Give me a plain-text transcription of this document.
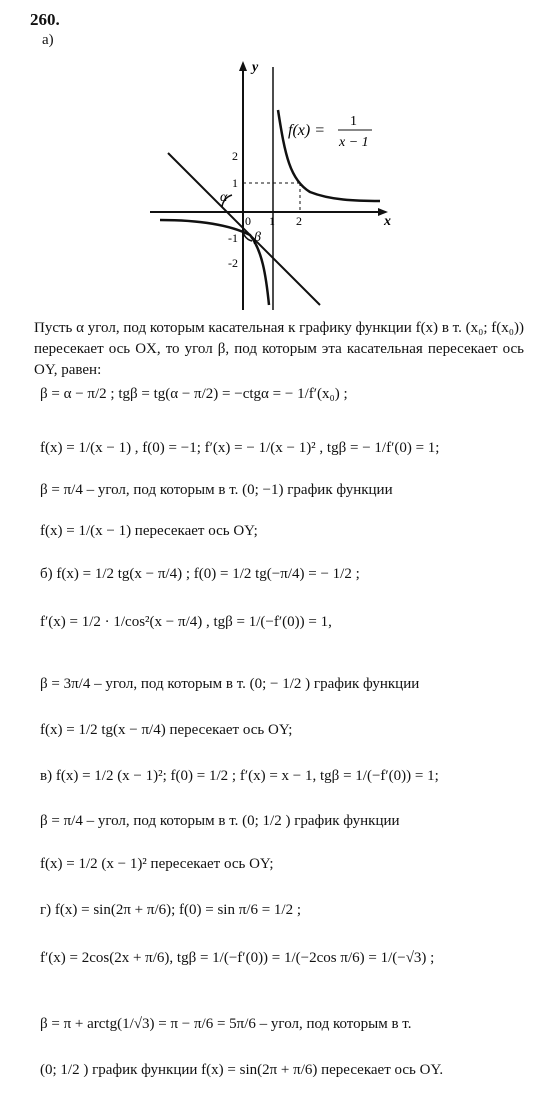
260.
а)
y
x
2
1
-1
-2
0 1 2
α
β
f(x) =
1
x − 1
Пусть α угол, под которым касательная к графику функции f(x) в т. (x₀; f(x₀)) пересекает ось OX, то угол β, под которым эта касательная пересекает ось OY, равен:
β = α − π/2 ; tgβ = tg(α − π/2) = −ctgα = − 1/f′(x₀) ;
f(x) = 1/(x − 1) , f(0) = −1; f′(x) = − 1/(x − 1)² , tgβ = − 1/f′(0) = 1;
β = π/4 – угол, под которым в т. (0; −1) график функции
f(x) = 1/(x − 1) пересекает ось OY;
б) f(x) = 1/2 tg(x − π/4) ; f(0) = 1/2 tg(−π/4) = − 1/2 ;
f′(x) = 1/2 · 1/cos²(x − π/4) , tgβ = 1/(−f′(0)) = 1,
β = 3π/4 – угол, под которым в т. (0; − 1/2 ) график функции
f(x) = 1/2 tg(x − π/4) пересекает ось OY;
в) f(x) = 1/2 (x − 1)²; f(0) = 1/2 ; f′(x) = x − 1, tgβ = 1/(−f′(0)) = 1;
β = π/4 – угол, под которым в т. (0; 1/2 ) график функции
f(x) = 1/2 (x − 1)² пересекает ось OY;
г) f(x) = sin(2π + π/6); f(0) = sin π/6 = 1/2 ;
f′(x) = 2cos(2x + π/6), tgβ = 1/(−f′(0)) = 1/(−2cos π/6) = 1/(−√3) ;
β = π + arctg(1/√3) = π − π/6 = 5π/6 – угол, под которым в т.
(0; 1/2 ) график функции f(x) = sin(2π + π/6) пересекает ось OY.
